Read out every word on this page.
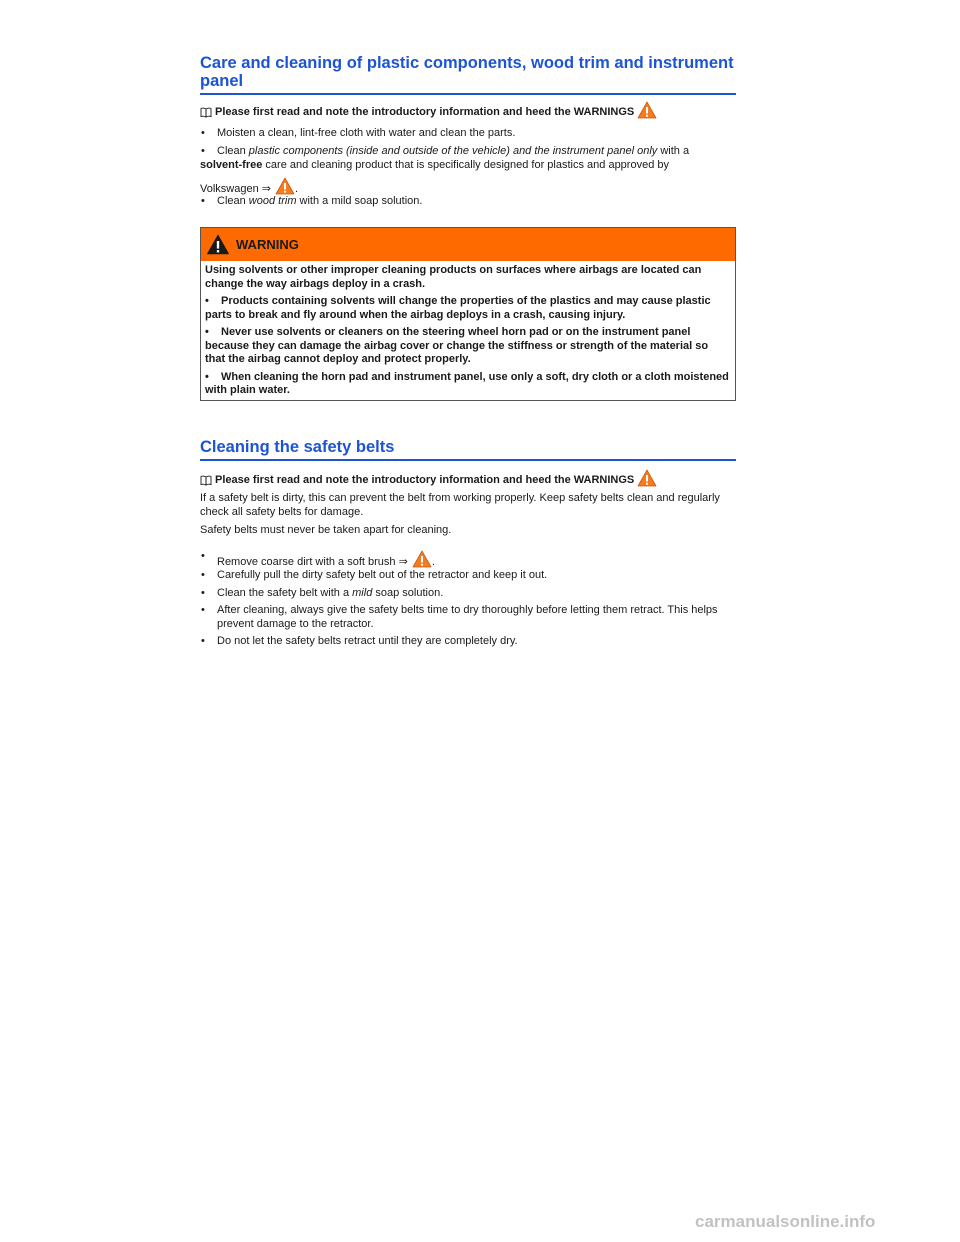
Care and cleaning of plastic components, wood trim and instrument panel
Please first read and note the introductory information and heed the WARNINGS
• Moisten a clean, lint-free cloth with water and clean the parts.
• Clean plastic components (inside and outside of the vehicle) and the instrument panel only with a
solvent-free care and cleaning product that is specifically designed for plastics and approved by
Volkswagen ⇒ .
• Clean wood trim with a mild soap solution.
WARNING

Using solvents or other improper cleaning products on surfaces where airbags are located can change the way airbags deploy in a crash.

• Products containing solvents will change the properties of the plastics and may cause plastic parts to break and fly around when the airbag deploys in a crash, causing injury.

• Never use solvents or cleaners on the steering wheel horn pad or on the instrument panel because they can damage the airbag cover or change the stiffness or strength of the material so that the airbag cannot deploy and protect properly.

• When cleaning the horn pad and instrument panel, use only a soft, dry cloth or a cloth moistened with plain water.

Cleaning the safety belts
Please first read and note the introductory information and heed the WARNINGS
If a safety belt is dirty, this can prevent the belt from working properly. Keep safety belts clean and regularly check all safety belts for damage.
Safety belts must never be taken apart for cleaning.
• Remove coarse dirt with a soft brush ⇒ .
• Carefully pull the dirty safety belt out of the retractor and keep it out.
• Clean the safety belt with a mild soap solution.
• After cleaning, always give the safety belts time to dry thoroughly before letting them retract. This helps prevent damage to the retractor.
• Do not let the safety belts retract until they are completely dry.
carmanualsonline.info
